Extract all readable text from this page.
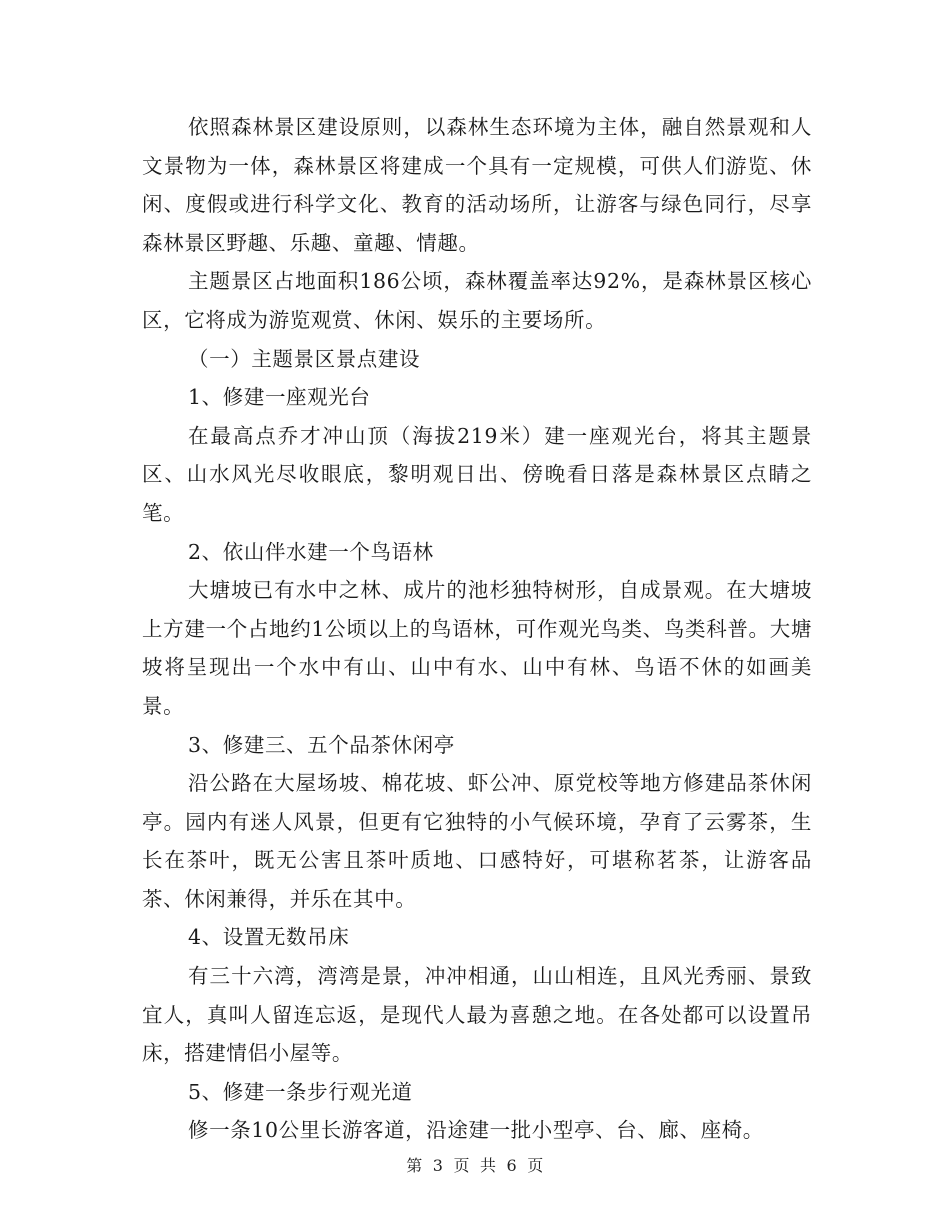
依照森林景区建设原则，以森林生态环境为主体，融自然景观和人文景物为一体，森林景区将建成一个具有一定规模，可供人们游览、休闲、度假或进行科学文化、教育的活动场所，让游客与绿色同行，尽享森林景区野趣、乐趣、童趣、情趣。

主题景区占地面积186公顷，森林覆盖率达92%，是森林景区核心区，它将成为游览观赏、休闲、娱乐的主要场所。

（一）主题景区景点建设

1、修建一座观光台

在最高点乔才冲山顶（海拔219米）建一座观光台，将其主题景区、山水风光尽收眼底，黎明观日出、傍晚看日落是森林景区点睛之笔。

2、依山伴水建一个鸟语林

大塘坡已有水中之林、成片的池杉独特树形，自成景观。在大塘坡上方建一个占地约1公顷以上的鸟语林，可作观光鸟类、鸟类科普。大塘坡将呈现出一个水中有山、山中有水、山中有林、鸟语不休的如画美景。

3、修建三、五个品茶休闲亭

沿公路在大屋场坡、棉花坡、虾公冲、原党校等地方修建品茶休闲亭。园内有迷人风景，但更有它独特的小气候环境，孕育了云雾茶，生长在茶叶，既无公害且茶叶质地、口感特好，可堪称茗茶，让游客品茶、休闲兼得，并乐在其中。

4、设置无数吊床

有三十六湾，湾湾是景，冲冲相通，山山相连，且风光秀丽、景致宜人，真叫人留连忘返，是现代人最为喜憩之地。在各处都可以设置吊床，搭建情侣小屋等。

5、修建一条步行观光道

修一条10公里长游客道，沿途建一批小型亭、台、廊、座椅。

第 3 页 共 6 页
